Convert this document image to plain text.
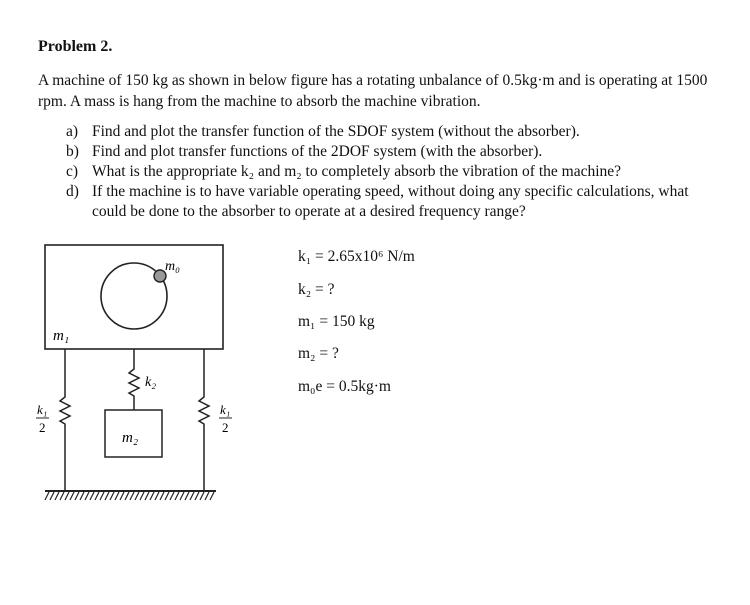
Problem 2.
A machine of 150 kg as shown in below figure has a rotating unbalance of 0.5kg·m and is operating at 1500 rpm. A mass is hang from the machine to absorb the machine vibration.
a) Find and plot the transfer function of the SDOF system (without the absorber).
b) Find and plot transfer functions of the 2DOF system (with the absorber).
c) What is the appropriate k₂ and m₂ to completely absorb the vibration of the machine?
d) If the machine is to have variable operating speed, without doing any specific calculations, what could be done to the absorber to operate at a desired frequency range?
k₁ = 2.65x10⁶ N/m
k₂ = ?
m₁ = 150 kg
m₂ = ?
m₀e = 0.5kg·m
m₀
m₁
k₂
m₂
k₁
2
k₁
2
